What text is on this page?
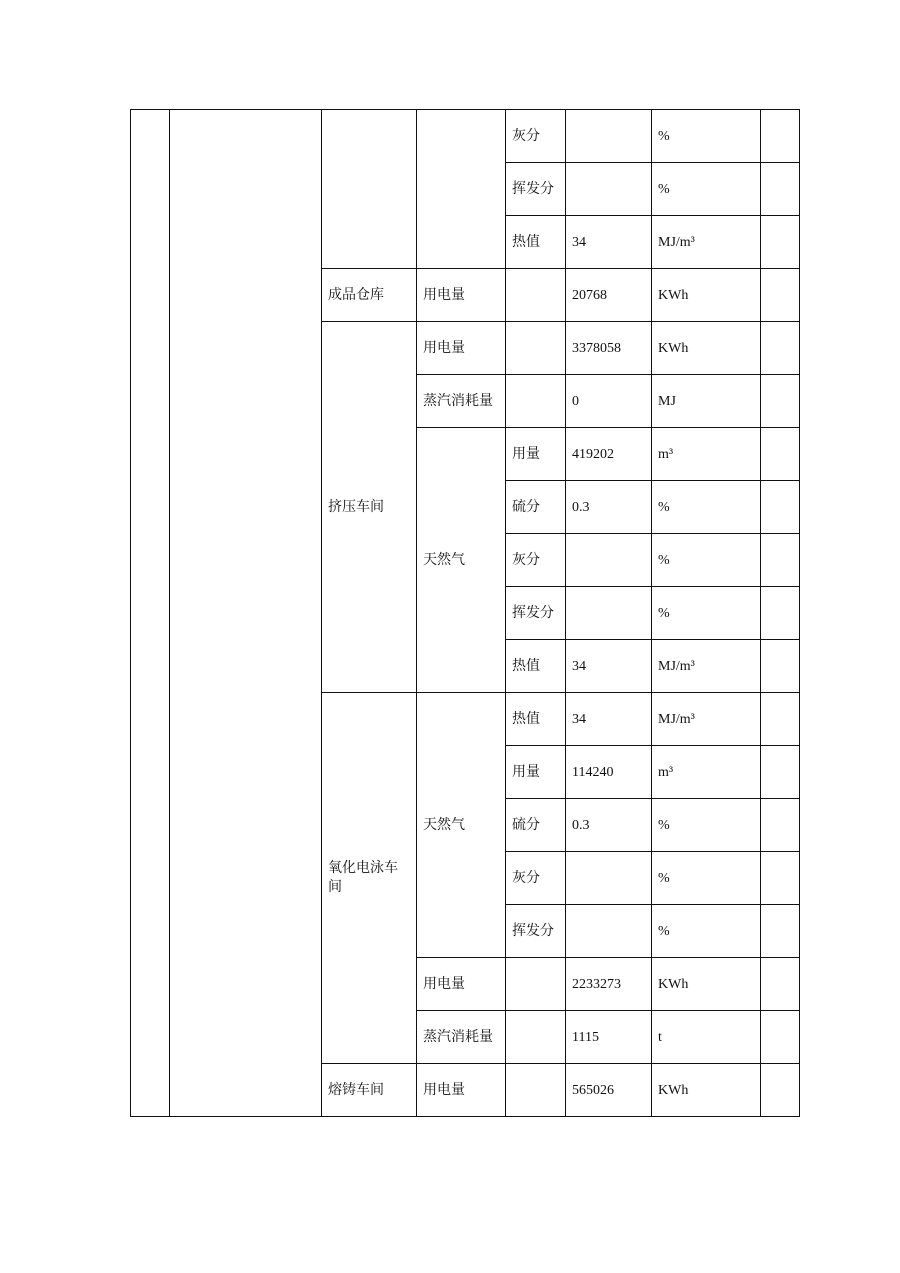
				灰分		%	
				挥发分		%	
				热值	34	MJ/m³	
		成品仓库	用电量		20768	KWh	
		挤压车间	用电量		3378058	KWh	
			蒸汽消耗量		0	MJ	
			天然气	用量	419202	m³	
				硫分	0.3	%	
				灰分		%	
				挥发分		%	
				热值	34	MJ/m³	
		氧化电泳车间	天然气	热值	34	MJ/m³	
				用量	114240	m³	
				硫分	0.3	%	
				灰分		%	
				挥发分		%	
			用电量		2233273	KWh	
			蒸汽消耗量		1115	t	
		熔铸车间	用电量		565026	KWh	
